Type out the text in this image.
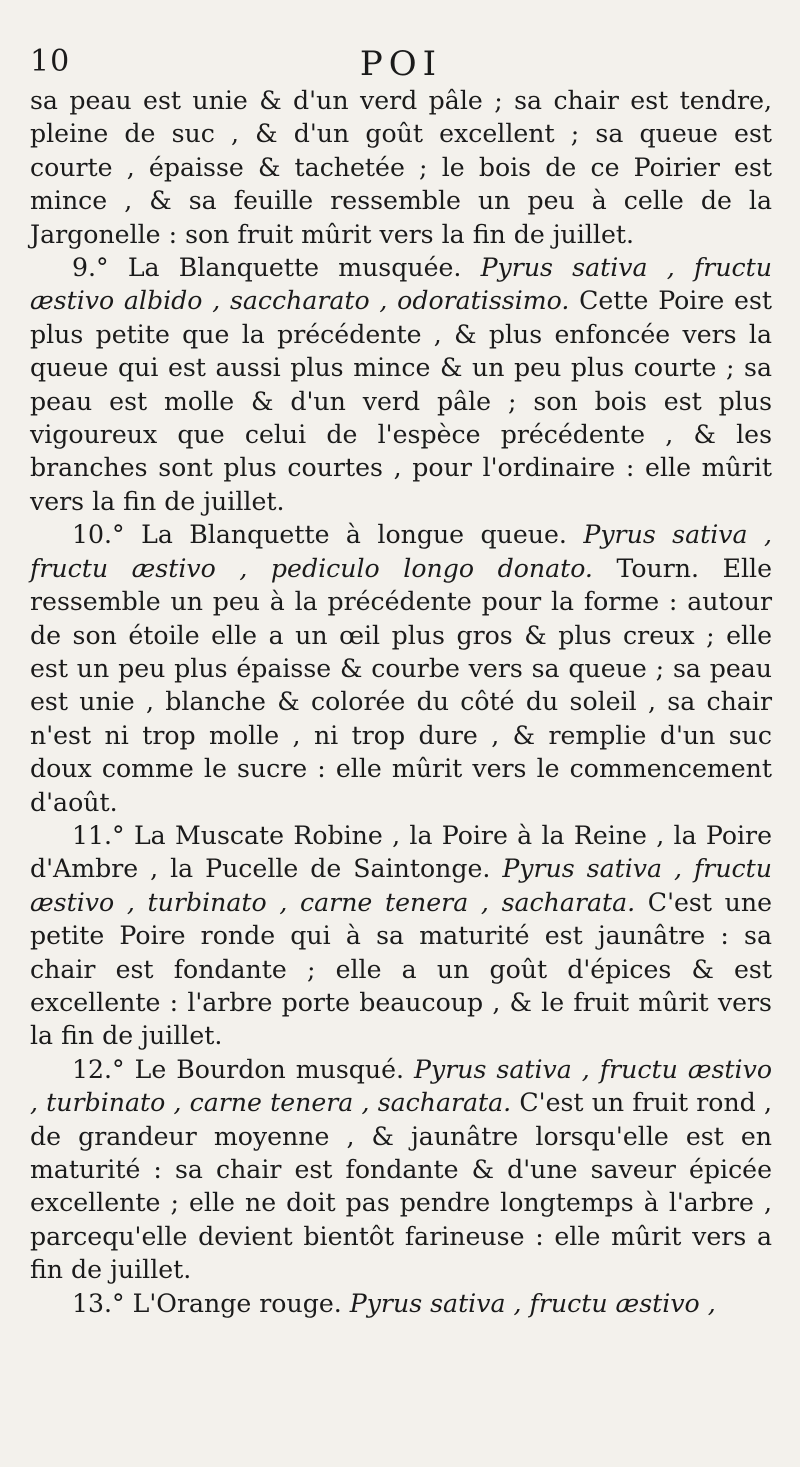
10	POI

sa peau est unie & d'un verd pâle ; sa chair est tendre, pleine de suc , & d'un goût excellent ; sa queue est courte , épaisse & tachetée ; le bois de ce Poirier est mince , & sa feuille ressemble un peu à celle de la Jargonelle : son fruit mûrit vers la fin de juillet.

9.° La Blanquette musquée. Pyrus sativa , fructu æstivo albido , saccharato , odoratissimo. Cette Poire est plus petite que la précédente , & plus enfoncée vers la queue qui est aussi plus mince & un peu plus courte ; sa peau est molle & d'un verd pâle ; son bois est plus vigoureux que celui de l'espèce précédente , & les branches sont plus courtes , pour l'ordinaire : elle mûrit vers la fin de juillet.

10.° La Blanquette à longue queue. Pyrus sativa , fructu æstivo , pediculo longo donato. Tourn. Elle ressemble un peu à la précédente pour la forme : autour de son étoile elle a un œil plus gros & plus creux ; elle est un peu plus épaisse & courbe vers sa queue ; sa peau est unie , blanche & colorée du côté du soleil , sa chair n'est ni trop molle , ni trop dure , & remplie d'un suc doux comme le sucre : elle mûrit vers le commencement d'août.

11.° La Muscate Robine , la Poire à la Reine , la Poire d'Ambre , la Pucelle de Saintonge. Pyrus sativa , fructu æstivo , turbinato , carne tenera , sacharata. C'est une petite Poire ronde qui à sa maturité est jaunâtre : sa chair est fondante ; elle a un goût d'épices & est excellente : l'arbre porte beaucoup , & le fruit mûrit vers la fin de juillet.

12.° Le Bourdon musqué. Pyrus sativa , fructu æstivo , turbinato , carne tenera , sacharata. C'est un fruit rond , de grandeur moyenne , & jaunâtre lorsqu'elle est en maturité : sa chair est fondante & d'une saveur épicée excellente ; elle ne doit pas pendre longtemps à l'arbre , parcequ'elle devient bientôt farineuse : elle mûrit vers a fin de juillet.

13.° L'Orange rouge. Pyrus sativa , fructu æstivo ,
